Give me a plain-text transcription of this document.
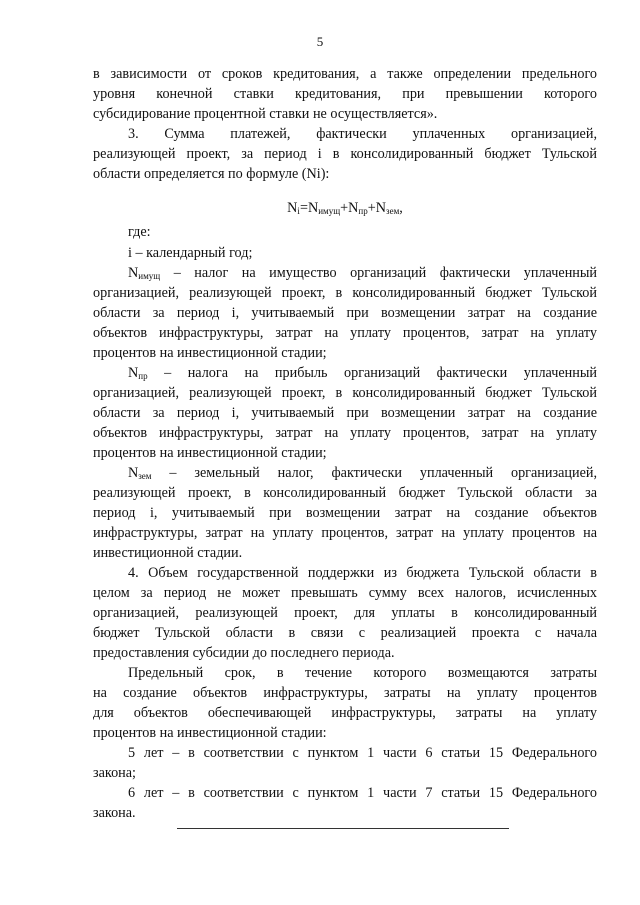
5
в зависимости от сроков кредитования, а также определении предельного
уровня конечной ставки кредитования, при превышении которого
субсидирование процентной ставки не осуществляется».
3. Сумма платежей, фактически уплаченных организацией,
реализующей проект, за период i в консолидированный бюджет Тульской
области определяется по формуле (Ni):
$N_i=N_{имущ}+N_{пр}+N_{зем}$,
где:
i – календарный год;
$N_{имущ}$ – налог на имущество организаций фактически уплаченный
организацией, реализующей проект, в консолидированный бюджет Тульской
области за период i, учитываемый при возмещении затрат на создание
объектов инфраструктуры, затрат на уплату процентов, затрат на уплату
процентов на инвестиционной стадии;
$N_{пр}$ – налога на прибыль организаций фактически уплаченный
организацией, реализующей проект, в консолидированный бюджет Тульской
области за период i, учитываемый при возмещении затрат на создание
объектов инфраструктуры, затрат на уплату процентов, затрат на уплату
процентов на инвестиционной стадии;
$N_{зем}$ – земельный налог, фактически уплаченный организацией,
реализующей проект, в консолидированный бюджет Тульской области за
период i, учитываемый при возмещении затрат на создание объектов
инфраструктуры, затрат на уплату процентов, затрат на уплату процентов на
инвестиционной стадии.
4. Объем государственной поддержки из бюджета Тульской области в
целом за период не может превышать сумму всех налогов, исчисленных
организацией, реализующей проект, для уплаты в консолидированный
бюджет Тульской области в связи с реализацией проекта с начала
предоставления субсидии до последнего периода.
Предельный срок, в течение которого возмещаются затраты
на создание объектов инфраструктуры, затраты на уплату процентов
для объектов обеспечивающей инфраструктуры, затраты на уплату
процентов на инвестиционной стадии:
5 лет – в соответствии с пунктом 1 части 6 статьи 15 Федерального
закона;
6 лет – в соответствии с пунктом 1 части 7 статьи 15 Федерального
закона.
